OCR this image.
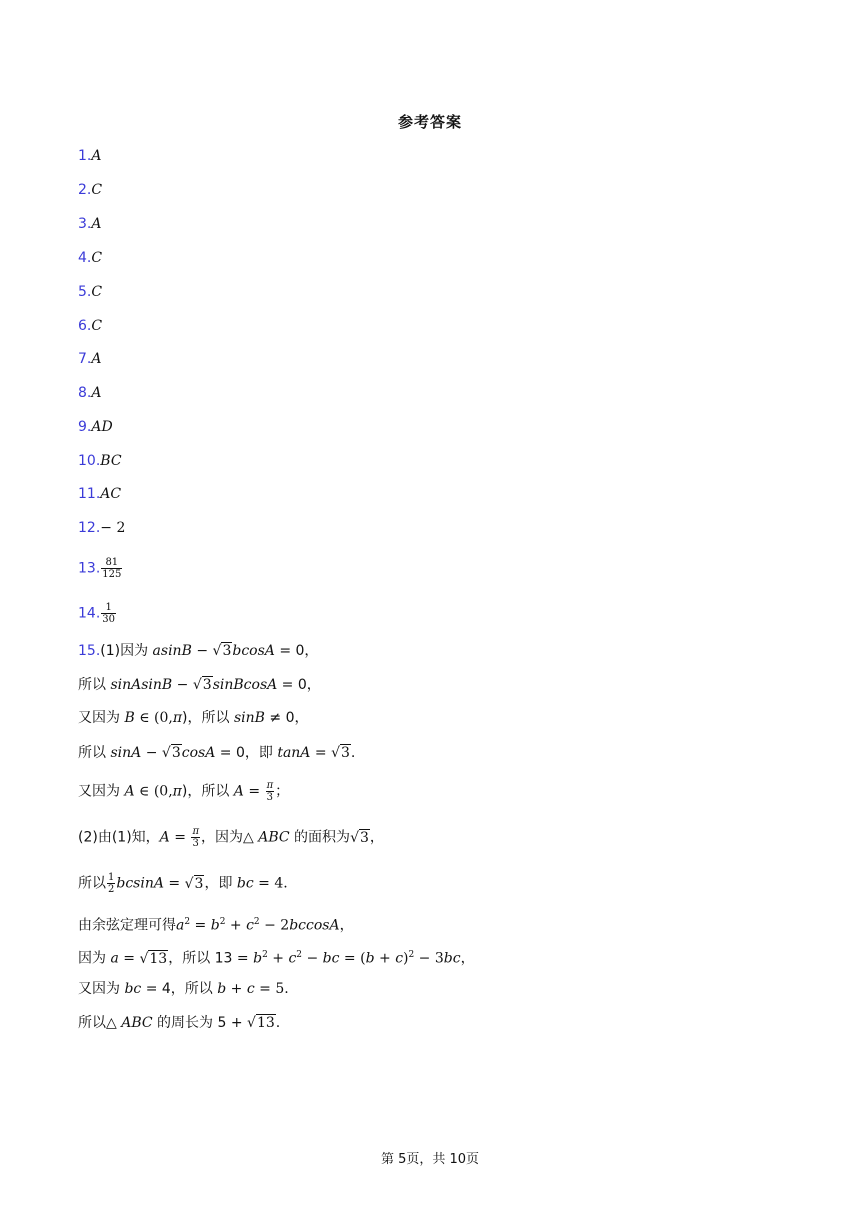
参考答案
1.A
2.C
3.A
4.C
5.C
6.C
7.A
8.A
9.AD
10.BC
11.AC
12.− 2
13. $\frac{81}{125}$
14. $\frac{1}{30}$
15.(1)因为 asinB − √3bcosA = 0，
所以 sinAsinB − √3sinBcosA = 0，
又因为 B ∈ (0,π)，所以 sinB ≠ 0，
所以 sinA − √3cosA = 0，即 tanA = √3.
又因为 A ∈ (0,π)，所以 $A = \frac{\pi}{3}$ ；
(2)由(1)知，$A = \frac{\pi}{3}$ ，因为△ ABC 的面积为√3，
所以 $\frac{1}{2}$ bcsinA = √3，即 bc = 4.
由余弦定理可得$a^2 = b^2 + c^2 - 2bccosA$，
因为 a = √13，所以 $13 = b^2 + c^2$ − bc = $(b + c)^2 - 3bc$，
又因为 bc = 4，所以 b + c = 5.
所以△ ABC 的周长为 5 + √13.
第 5页，共 10页
